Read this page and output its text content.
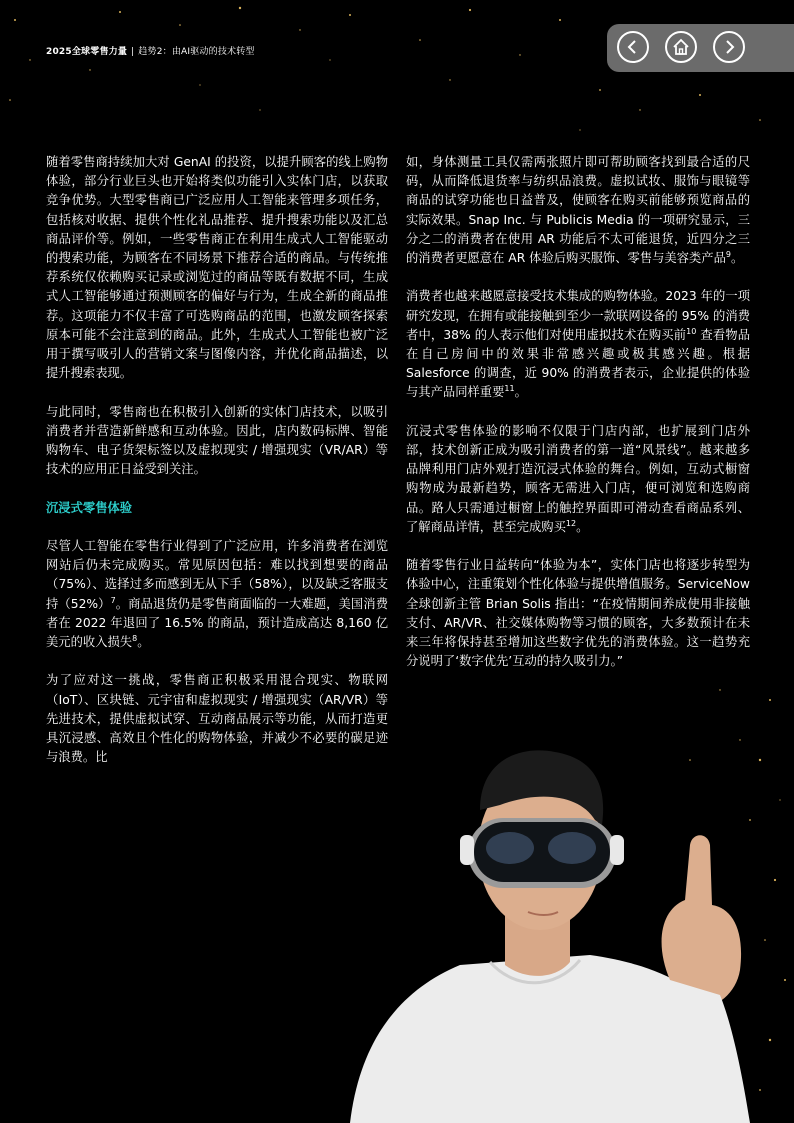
2025全球零售力量 | 趋势2：由AI驱动的技术转型

随着零售商持续加大对 GenAI 的投资，以提升顾客的线上购物体验，部分行业巨头也开始将类似功能引入实体门店，以获取竞争优势。大型零售商已广泛应用人工智能来管理多项任务，包括核对收据、提供个性化礼品推荐、提升搜索功能以及汇总商品评价等。例如，一些零售商正在利用生成式人工智能驱动的搜索功能，为顾客在不同场景下推荐合适的商品。与传统推荐系统仅依赖购买记录或浏览过的商品等既有数据不同，生成式人工智能够通过预测顾客的偏好与行为，生成全新的商品推荐。这项能力不仅丰富了可选购商品的范围，也激发顾客探索原本可能不会注意到的商品。此外，生成式人工智能也被广泛用于撰写吸引人的营销文案与图像内容，并优化商品描述，以提升搜索表现。

与此同时，零售商也在积极引入创新的实体门店技术，以吸引消费者并营造新鲜感和互动体验。因此，店内数码标牌、智能购物车、电子货架标签以及虚拟现实 / 增强现实（VR/AR）等技术的应用正日益受到关注。

沉浸式零售体验

尽管人工智能在零售行业得到了广泛应用，许多消费者在浏览网站后仍未完成购买。常见原因包括：难以找到想要的商品（75%）、选择过多而感到无从下手（58%），以及缺乏客服支持$(52\%)^7$。商品退货仍是零售商面临的一大难题，美国消费者在 2022 年退回了 16.5% 的商品，预计造成高达 8,160 亿美元的收入损失$^8$。

为了应对这一挑战，零售商正积极采用混合现实、物联网（IoT）、区块链、元宇宙和虚拟现实 / 增强现实（AR/VR）等先进技术，提供虚拟试穿、互动商品展示等功能，从而打造更具沉浸感、高效且个性化的购物体验，并减少不必要的碳足迹与浪费。比

如，身体测量工具仅需两张照片即可帮助顾客找到最合适的尺码，从而降低退货率与纺织品浪费。虚拟试妆、服饰与眼镜等商品的试穿功能也日益普及，使顾客在购买前能够预览商品的实际效果。Snap Inc. 与 Publicis Media 的一项研究显示，三分之二的消费者在使用 AR 功能后不太可能退货，近四分之三的消费者更愿意在 AR 体验后购买服饰、零售与美容类产品$^9$。

消费者也越来越愿意接受技术集成的购物体验。2023 年的一项研究发现，在拥有或能接触到至少一款联网设备的 95% 的消费者中，38% 的人表示他们对使用虚拟技术在购买前$^{10}$ 查看物品在自己房间中的效果非常感兴趣或极其感兴趣。根据 Salesforce 的调查，近 90% 的消费者表示，企业提供的体验与其产品同样重要$^{11}$。

沉浸式零售体验的影响不仅限于门店内部，也扩展到门店外部，技术创新正成为吸引消费者的第一道“风景线”。越来越多品牌利用门店外观打造沉浸式体验的舞台。例如，互动式橱窗购物成为最新趋势，顾客无需进入门店，便可浏览和选购商品。路人只需通过橱窗上的触控界面即可滑动查看商品系列、了解商品详情，甚至完成购买$^{12}$。

随着零售行业日益转向“体验为本”，实体门店也将逐步转型为体验中心，注重策划个性化体验与提供增值服务。ServiceNow 全球创新主管 Brian Solis 指出：“在疫情期间养成使用非接触支付、AR/VR、社交媒体购物等习惯的顾客，大多数预计在未来三年将保持甚至增加这些数字优先的消费体验。这一趋势充分说明了‘数字优先’互动的持久吸引力。”
